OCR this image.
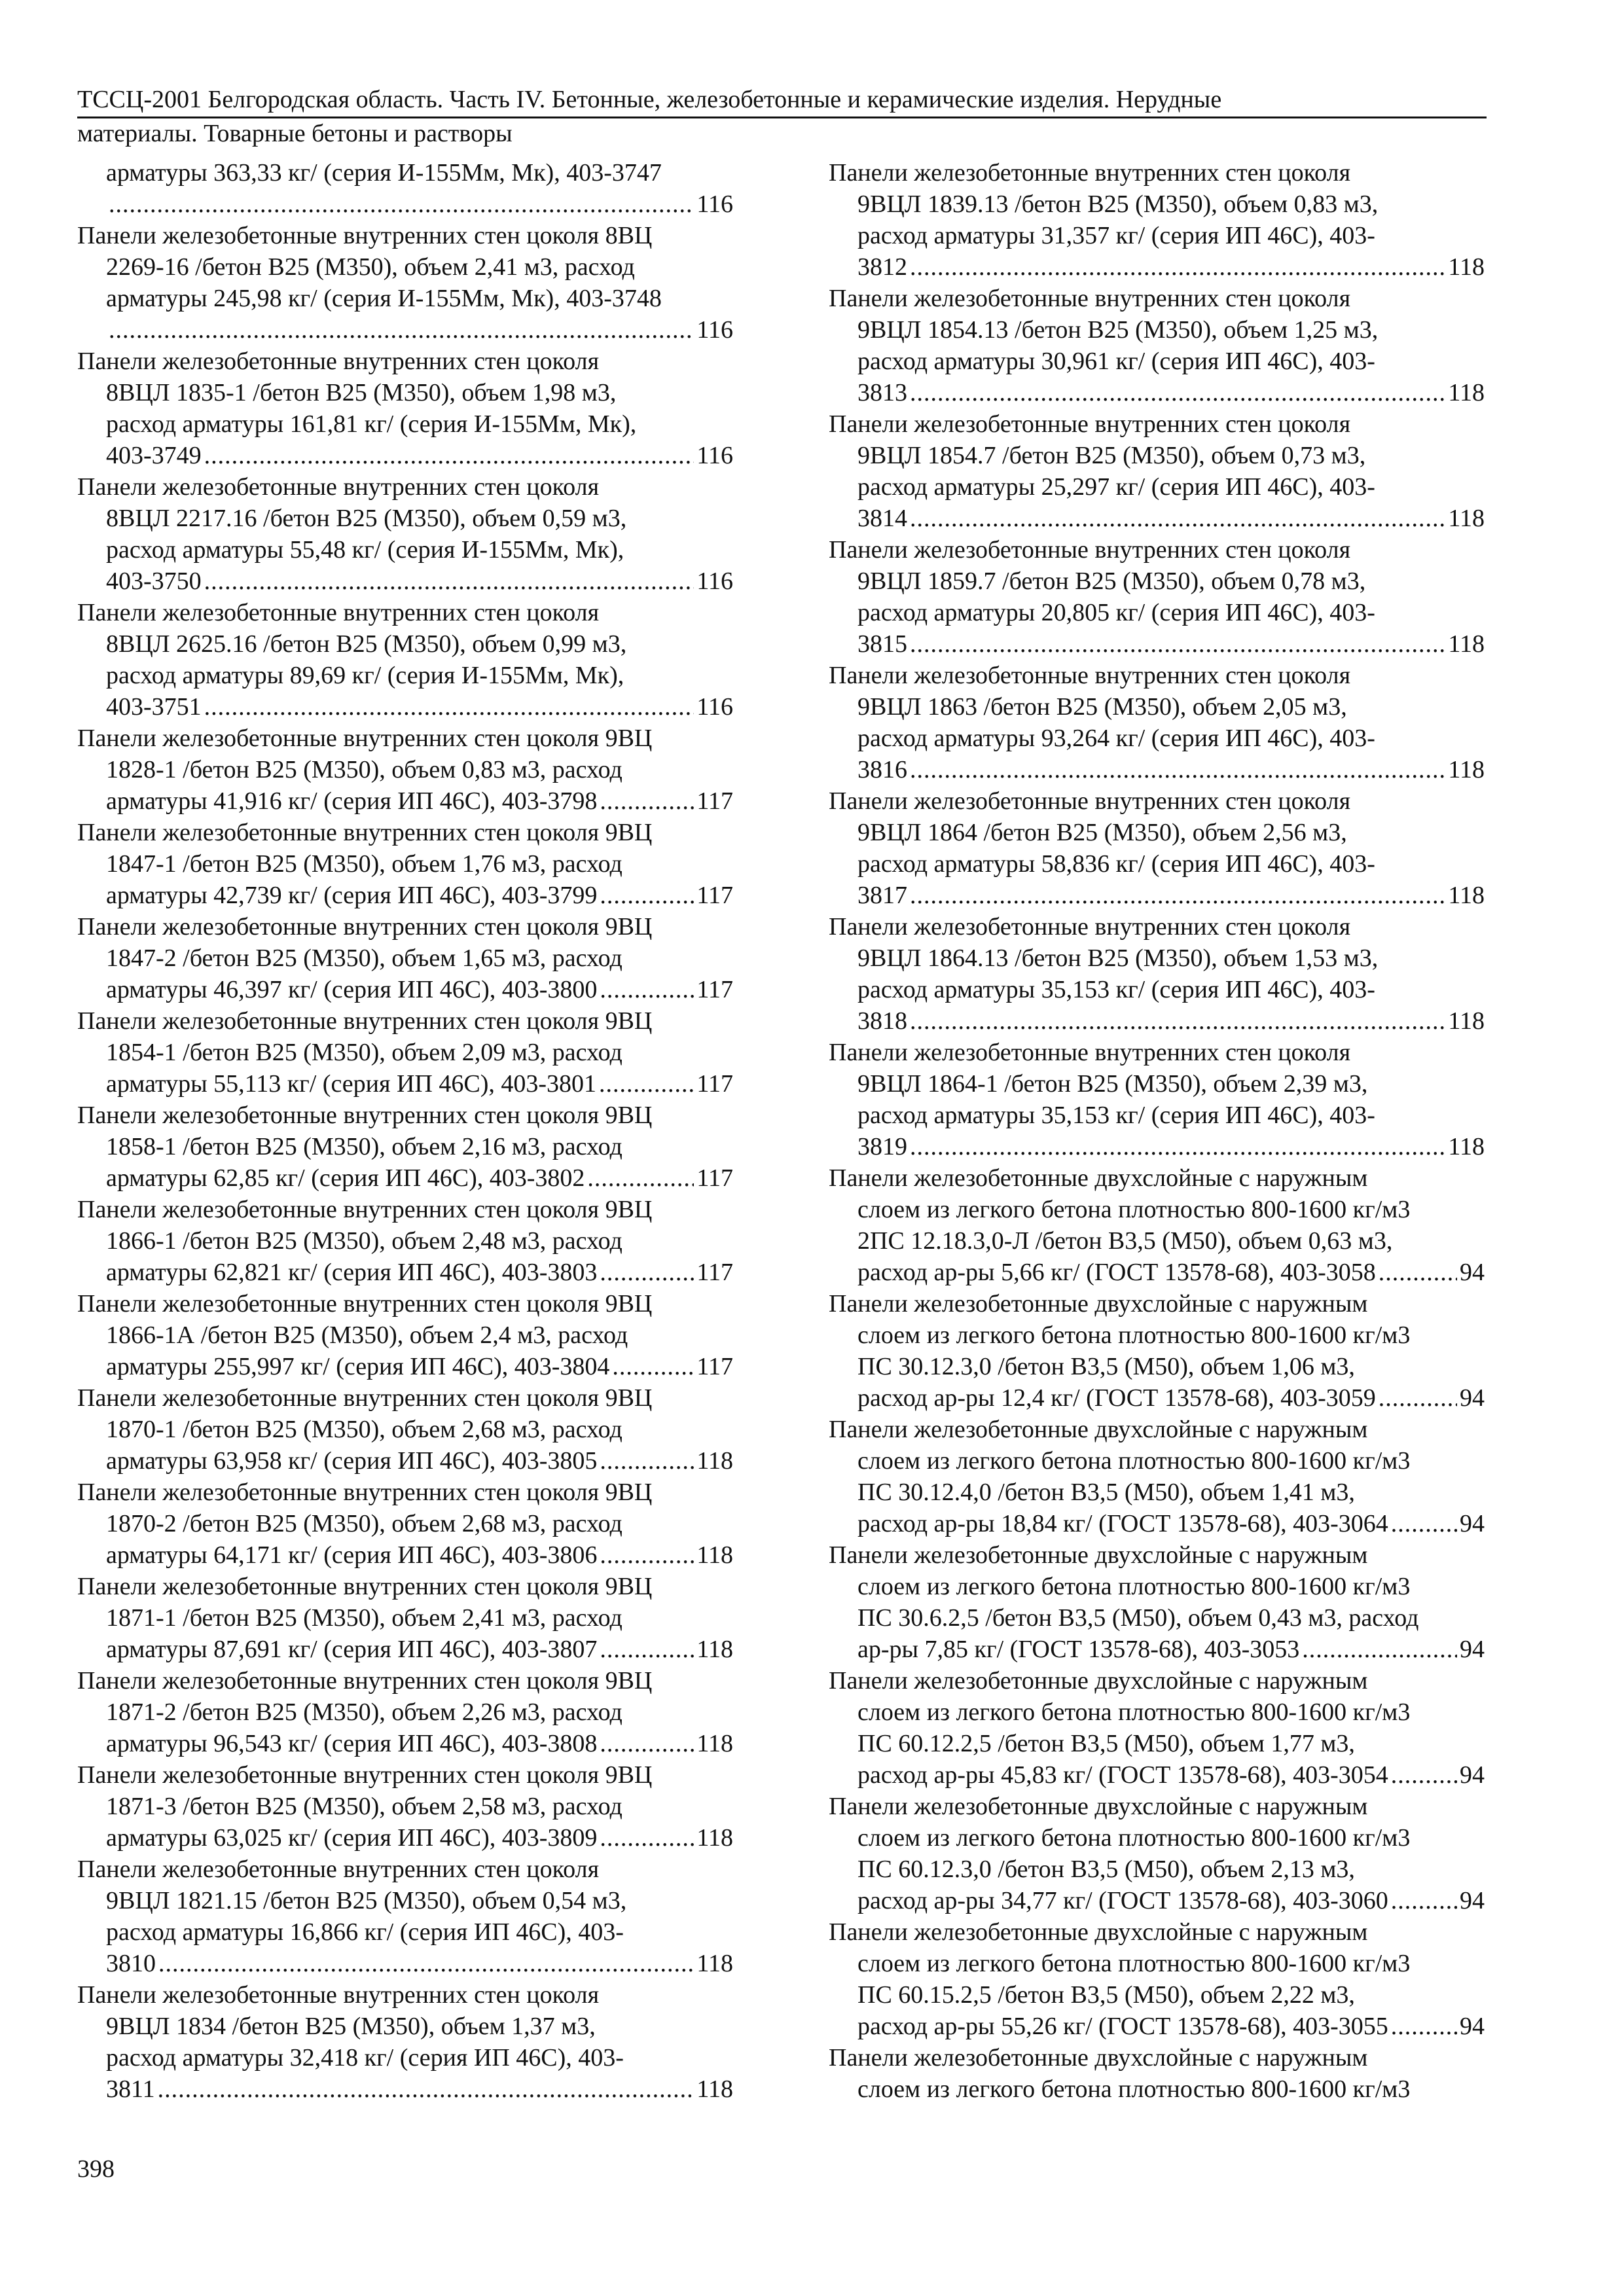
ТССЦ-2001 Белгородская область. Часть IV. Бетонные, железобетонные и керамические изделия. Нерудные
материалы. Товарные бетоны и растворы
арматуры 363,33 кг/ (серия И-155Мм, Мк), 403-3747
.....
116
Панели железобетонные внутренних стен цоколя 8ВЦ
2269-16 /бетон В25 (М350), объем 2,41 м3, расход
арматуры 245,98 кг/ (серия И-155Мм, Мк), 403-3748
.....
116
Панели железобетонные внутренних стен цоколя
8ВЦЛ 1835-1 /бетон В25 (М350), объем 1,98 м3,
расход арматуры 161,81 кг/ (серия И-155Мм, Мк),
403-3749 .....	116
Панели железобетонные внутренних стен цоколя
8ВЦЛ 2217.16 /бетон В25 (М350), объем 0,59 м3,
расход арматуры 55,48 кг/ (серия И-155Мм, Мк),
403-3750 .....	116
Панели железобетонные внутренних стен цоколя
8ВЦЛ 2625.16 /бетон В25 (М350), объем 0,99 м3,
расход арматуры 89,69 кг/ (серия И-155Мм, Мк),
403-3751 .....	116
Панели железобетонные внутренних стен цоколя 9ВЦ
1828-1 /бетон В25 (М350), объем 0,83 м3, расход
арматуры 41,916 кг/ (серия ИП 46С), 403-3798 .....	117
Панели железобетонные внутренних стен цоколя 9ВЦ
1847-1 /бетон В25 (М350), объем 1,76 м3, расход
арматуры 42,739 кг/ (серия ИП 46С), 403-3799 .....	117
Панели железобетонные внутренних стен цоколя 9ВЦ
1847-2 /бетон В25 (М350), объем 1,65 м3, расход
арматуры 46,397 кг/ (серия ИП 46С), 403-3800 .....	117
Панели железобетонные внутренних стен цоколя 9ВЦ
1854-1 /бетон В25 (М350), объем 2,09 м3, расход
арматуры 55,113 кг/ (серия ИП 46С), 403-3801 .....	117
Панели железобетонные внутренних стен цоколя 9ВЦ
1858-1 /бетон В25 (М350), объем 2,16 м3, расход
арматуры 62,85 кг/ (серия ИП 46С), 403-3802 .....	117
Панели железобетонные внутренних стен цоколя 9ВЦ
1866-1 /бетон В25 (М350), объем 2,48 м3, расход
арматуры 62,821 кг/ (серия ИП 46С), 403-3803 .....	117
Панели железобетонные внутренних стен цоколя 9ВЦ
1866-1А /бетон В25 (М350), объем 2,4 м3, расход
арматуры 255,997 кг/ (серия ИП 46С), 403-3804 .....	117
Панели железобетонные внутренних стен цоколя 9ВЦ
1870-1 /бетон В25 (М350), объем 2,68 м3, расход
арматуры 63,958 кг/ (серия ИП 46С), 403-3805 .....	118
Панели железобетонные внутренних стен цоколя 9ВЦ
1870-2 /бетон В25 (М350), объем 2,68 м3, расход
арматуры 64,171 кг/ (серия ИП 46С), 403-3806 .....	118
Панели железобетонные внутренних стен цоколя 9ВЦ
1871-1 /бетон В25 (М350), объем 2,41 м3, расход
арматуры 87,691 кг/ (серия ИП 46С), 403-3807 .....	118
Панели железобетонные внутренних стен цоколя 9ВЦ
1871-2 /бетон В25 (М350), объем 2,26 м3, расход
арматуры 96,543 кг/ (серия ИП 46С), 403-3808 .....	118
Панели железобетонные внутренних стен цоколя 9ВЦ
1871-3 /бетон В25 (М350), объем 2,58 м3, расход
арматуры 63,025 кг/ (серия ИП 46С), 403-3809 .....	118
Панели железобетонные внутренних стен цоколя
9ВЦЛ 1821.15 /бетон В25 (М350), объем 0,54 м3,
расход арматуры 16,866 кг/ (серия ИП 46С), 403-
3810 .....	118
Панели железобетонные внутренних стен цоколя
9ВЦЛ 1834 /бетон В25 (М350), объем 1,37 м3,
расход арматуры 32,418 кг/ (серия ИП 46С), 403-
3811 .....	118
Панели железобетонные внутренних стен цоколя
9ВЦЛ 1839.13 /бетон В25 (М350), объем 0,83 м3,
расход арматуры 31,357 кг/ (серия ИП 46С), 403-
3812 .....	118
Панели железобетонные внутренних стен цоколя
9ВЦЛ 1854.13 /бетон В25 (М350), объем 1,25 м3,
расход арматуры 30,961 кг/ (серия ИП 46С), 403-
3813 .....	118
Панели железобетонные внутренних стен цоколя
9ВЦЛ 1854.7 /бетон В25 (М350), объем 0,73 м3,
расход арматуры 25,297 кг/ (серия ИП 46С), 403-
3814 .....	118
Панели железобетонные внутренних стен цоколя
9ВЦЛ 1859.7 /бетон В25 (М350), объем 0,78 м3,
расход арматуры 20,805 кг/ (серия ИП 46С), 403-
3815 .....	118
Панели железобетонные внутренних стен цоколя
9ВЦЛ 1863 /бетон В25 (М350), объем 2,05 м3,
расход арматуры 93,264 кг/ (серия ИП 46С), 403-
3816 .....	118
Панели железобетонные внутренних стен цоколя
9ВЦЛ 1864 /бетон В25 (М350), объем 2,56 м3,
расход арматуры 58,836 кг/ (серия ИП 46С), 403-
3817 .....	118
Панели железобетонные внутренних стен цоколя
9ВЦЛ 1864.13 /бетон В25 (М350), объем 1,53 м3,
расход арматуры 35,153 кг/ (серия ИП 46С), 403-
3818 .....	118
Панели железобетонные внутренних стен цоколя
9ВЦЛ 1864-1 /бетон В25 (М350), объем 2,39 м3,
расход арматуры 35,153 кг/ (серия ИП 46С), 403-
3819 .....	118
Панели железобетонные двухслойные с наружным
слоем из легкого бетона плотностью 800-1600 кг/м3
2ПС 12.18.3,0-Л /бетон В3,5 (М50), объем 0,63 м3,
расход ар-ры 5,66 кг/ (ГОСТ 13578-68), 403-3058 .....	94
Панели железобетонные двухслойные с наружным
слоем из легкого бетона плотностью 800-1600 кг/м3
ПС 30.12.3,0 /бетон В3,5 (М50), объем 1,06 м3,
расход ар-ры 12,4 кг/ (ГОСТ 13578-68), 403-3059 .....	94
Панели железобетонные двухслойные с наружным
слоем из легкого бетона плотностью 800-1600 кг/м3
ПС 30.12.4,0 /бетон В3,5 (М50), объем 1,41 м3,
расход ар-ры 18,84 кг/ (ГОСТ 13578-68), 403-3064 .....	94
Панели железобетонные двухслойные с наружным
слоем из легкого бетона плотностью 800-1600 кг/м3
ПС 30.6.2,5 /бетон В3,5 (М50), объем 0,43 м3, расход
ар-ры 7,85 кг/ (ГОСТ 13578-68), 403-3053 .....	94
Панели железобетонные двухслойные с наружным
слоем из легкого бетона плотностью 800-1600 кг/м3
ПС 60.12.2,5 /бетон В3,5 (М50), объем 1,77 м3,
расход ар-ры 45,83 кг/ (ГОСТ 13578-68), 403-3054 .....	94
Панели железобетонные двухслойные с наружным
слоем из легкого бетона плотностью 800-1600 кг/м3
ПС 60.12.3,0 /бетон В3,5 (М50), объем 2,13 м3,
расход ар-ры 34,77 кг/ (ГОСТ 13578-68), 403-3060 .....	94
Панели железобетонные двухслойные с наружным
слоем из легкого бетона плотностью 800-1600 кг/м3
ПС 60.15.2,5 /бетон В3,5 (М50), объем 2,22 м3,
расход ар-ры 55,26 кг/ (ГОСТ 13578-68), 403-3055 .....	94
Панели железобетонные двухслойные с наружным
слоем из легкого бетона плотностью 800-1600 кг/м3
398
